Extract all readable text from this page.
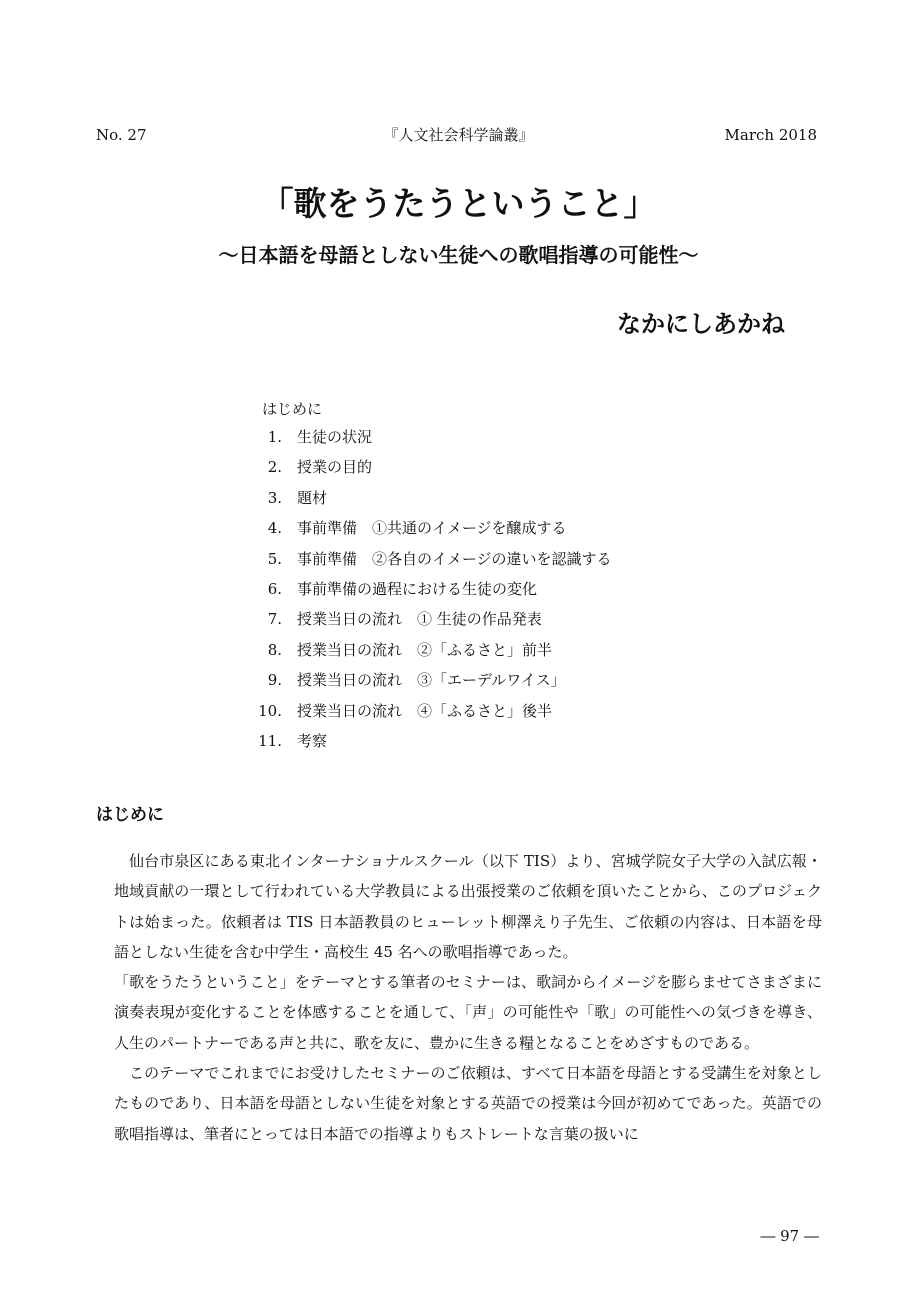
No. 27	『人文社会科学論叢』	March 2018
「歌をうたうということ」
～日本語を母語としない生徒への歌唱指導の可能性～
なかにしあかね
はじめに
1. 生徒の状況
2. 授業の目的
3. 題材
4. 事前準備　①共通のイメージを醸成する
5. 事前準備　②各自のイメージの違いを認識する
6. 事前準備の過程における生徒の変化
7. 授業当日の流れ　① 生徒の作品発表
8. 授業当日の流れ　②「ふるさと」前半
9. 授業当日の流れ　③「エーデルワイス」
10. 授業当日の流れ　④「ふるさと」後半
11. 考察
はじめに

仙台市泉区にある東北インターナショナルスクール（以下 TIS）より、宮城学院女子大学の入試広報・地域貢献の一環として行われている大学教員による出張授業のご依頼を頂いたことから、このプロジェクトは始まった。依頼者は TIS 日本語教員のヒューレット柳澤えり子先生、ご依頼の内容は、日本語を母語としない生徒を含む中学生・高校生 45 名への歌唱指導であった。

「歌をうたうということ」をテーマとする筆者のセミナーは、歌詞からイメージを膨らませてさまざまに演奏表現が変化することを体感することを通して、「声」の可能性や「歌」の可能性への気づきを導き、人生のパートナーである声と共に、歌を友に、豊かに生きる糧となることをめざすものである。

このテーマでこれまでにお受けしたセミナーのご依頼は、すべて日本語を母語とする受講生を対象としたものであり、日本語を母語としない生徒を対象とする英語での授業は今回が初めてであった。英語での歌唱指導は、筆者にとっては日本語での指導よりもストレートな言葉の扱いに

― 97 ―
